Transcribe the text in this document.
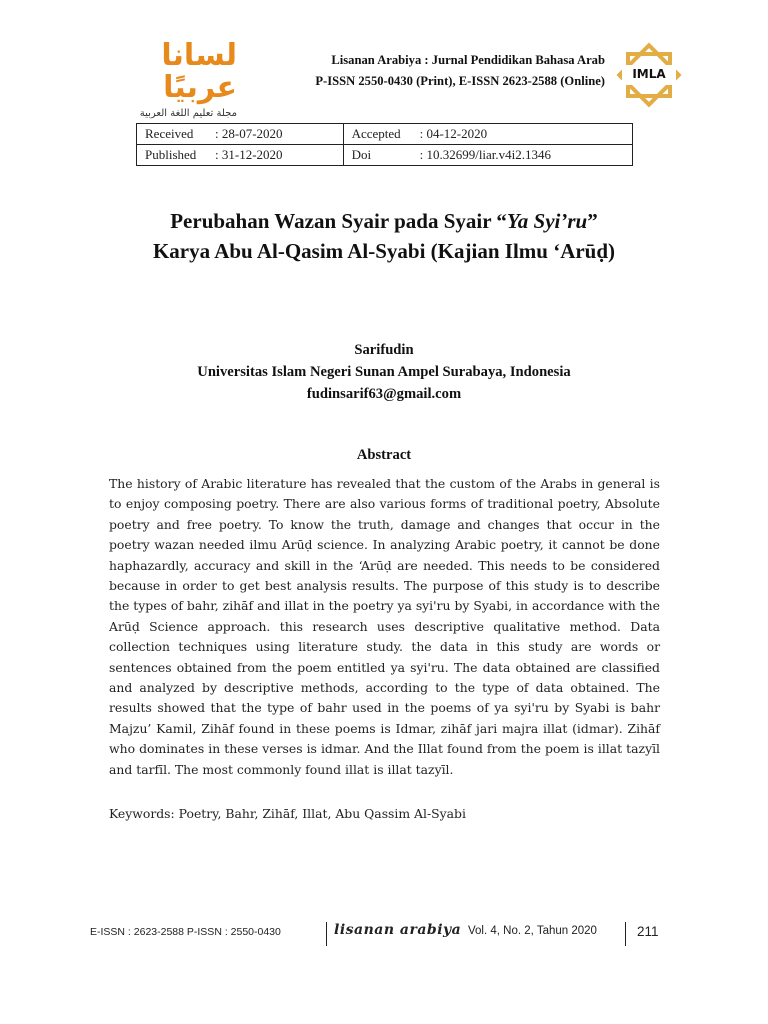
لسانا عربيًا
مجلة تعليم اللغة العربية
Lisanan Arabiya : Jurnal Pendidikan Bahasa Arab
P-ISSN 2550-0430 (Print), E-ISSN 2623-2588 (Online)	IMLA
Received : 28-07-2020	Accepted : 04-12-2020
Published : 31-12-2020	Doi : 10.32699/liar.v4i2.1346
Perubahan Wazan Syair pada Syair “Ya Syi’ru”
Karya Abu Al-Qasim Al-Syabi (Kajian Ilmu ‘Arūḍ)
Sarifudin
Universitas Islam Negeri Sunan Ampel Surabaya, Indonesia
fudinsarif63@gmail.com
Abstract
The history of Arabic literature has revealed that the custom of the Arabs in general is to enjoy composing poetry. There are also various forms of traditional poetry, Absolute poetry and free poetry. To know the truth, damage and changes that occur in the poetry wazan needed ilmu Arūḍ science. In analyzing Arabic poetry, it cannot be done haphazardly, accuracy and skill in the ‘Arūḍ are needed. This needs to be considered because in order to get best analysis results. The purpose of this study is to describe the types of bahr, zihāf and illat in the poetry ya syi'ru by Syabi, in accordance with the Arūḍ Science approach. this research uses descriptive qualitative method. Data collection techniques using literature study. the data in this study are words or sentences obtained from the poem entitled ya syi'ru. The data obtained are classified and analyzed by descriptive methods, according to the type of data obtained. The results showed that the type of bahr used in the poems of ya syi'ru by Syabi is bahr Majzu’ Kamil, Zihāf found in these poems is Idmar, zihāf jari majra illat (idmar). Zihāf who dominates in these verses is idmar. And the Illat found from the poem is illat tazyīl and tarfīl. The most commonly found illat is illat tazyīl.
Keywords: Poetry, Bahr, Zihāf, Illat, Abu Qassim Al-Syabi
E-ISSN : 2623-2588 P-ISSN : 2550-0430	lisanan arabiya Vol. 4, No. 2, Tahun 2020	211
